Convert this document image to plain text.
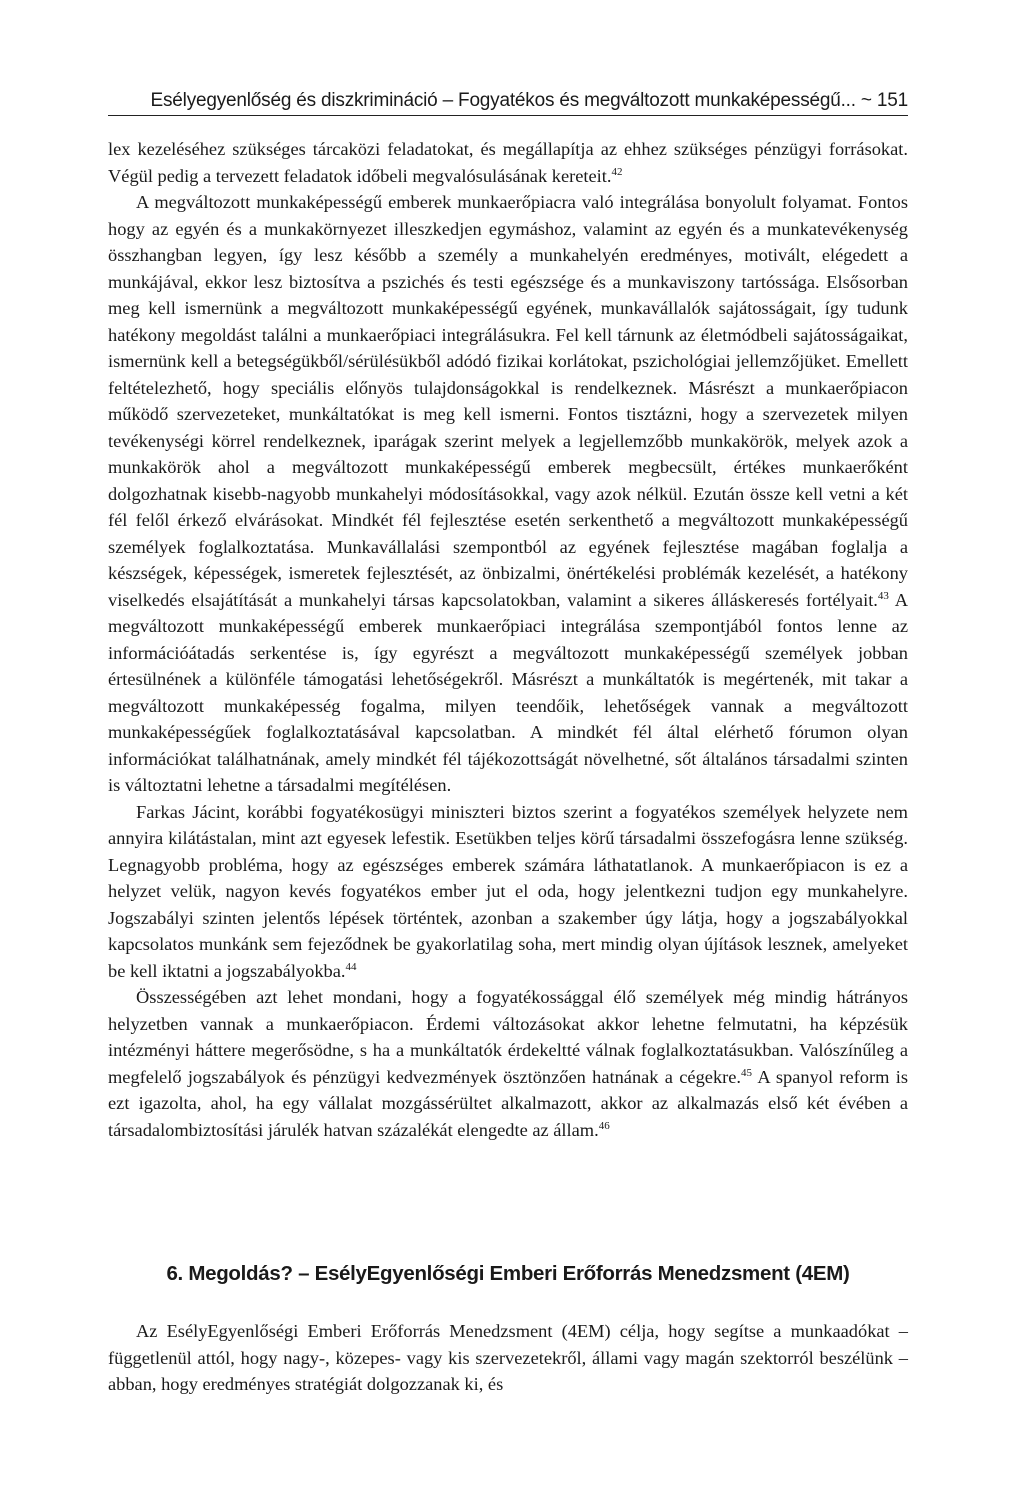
Esélyegyenlőség és diszkrimináció – Fogyatékos és megváltozott munkaképességű... ~ 151

lex kezeléséhez szükséges tárcaközi feladatokat, és megállapítja az ehhez szükséges pénzügyi forrásokat. Végül pedig a tervezett feladatok időbeli megvalósulásának kereteit.$^{42}$

A megváltozott munkaképességű emberek munkaerőpiacra való integrálása bonyolult folyamat. Fontos hogy az egyén és a munkakörnyezet illeszkedjen egymáshoz, valamint az egyén és a munkatevékenység összhangban legyen, így lesz később a személy a munkahelyén eredményes, motivált, elégedett a munkájával, ekkor lesz biztosítva a pszichés és testi egészsége és a munkaviszony tartóssága. Elsősorban meg kell ismernünk a megváltozott munkaképességű egyének, munkavállalók sajátosságait, így tudunk hatékony megoldást találni a munkaerőpiaci integrálásukra. Fel kell tárnunk az életmódbeli sajátosságaikat, ismernünk kell a betegségükből/sérülésükből adódó fizikai korlátokat, pszichológiai jellemzőjüket. Emellett feltételezhető, hogy speciális előnyös tulajdonságokkal is rendelkeznek. Másrészt a munkaerőpiacon működő szervezeteket, munkáltatókat is meg kell ismerni. Fontos tisztázni, hogy a szervezetek milyen tevékenységi körrel rendelkeznek, iparágak szerint melyek a legjellemzőbb munkakörök, melyek azok a munkakörök ahol a megváltozott munkaképességű emberek megbecsült, értékes munkaerőként dolgozhatnak kisebb-nagyobb munkahelyi módosításokkal, vagy azok nélkül. Ezután össze kell vetni a két fél felől érkező elvárásokat. Mindkét fél fejlesztése esetén serkenthető a megváltozott munkaképességű személyek foglalkoztatása. Munkavállalási szempontból az egyének fejlesztése magában foglalja a készségek, képességek, ismeretek fejlesztését, az önbizalmi, önértékelési problémák kezelését, a hatékony viselkedés elsajátítását a munkahelyi társas kapcsolatokban, valamint a sikeres álláskeresés fortélyait.$^{43}$ A megváltozott munkaképességű emberek munkaerőpiaci integrálása szempontjából fontos lenne az információátadás serkentése is, így egyrészt a megváltozott munkaképességű személyek jobban értesülnének a különféle támogatási lehetőségekről. Másrészt a munkáltatók is megértenék, mit takar a megváltozott munkaképesség fogalma, milyen teendőik, lehetőségek vannak a megváltozott munkaképességűek foglalkoztatásával kapcsolatban. A mindkét fél által elérhető fórumon olyan információkat találhatnának, amely mindkét fél tájékozottságát növelhetné, sőt általános társadalmi szinten is változtatni lehetne a társadalmi megítélésen.

Farkas Jácint, korábbi fogyatékosügyi miniszteri biztos szerint a fogyatékos személyek helyzete nem annyira kilátástalan, mint azt egyesek lefestik. Esetükben teljes körű társadalmi összefogásra lenne szükség. Legnagyobb probléma, hogy az egészséges emberek számára láthatatlanok. A munkaerőpiacon is ez a helyzet velük, nagyon kevés fogyatékos ember jut el oda, hogy jelentkezni tudjon egy munkahelyre. Jogszabályi szinten jelentős lépések történtek, azonban a szakember úgy látja, hogy a jogszabályokkal kapcsolatos munkánk sem fejeződnek be gyakorlatilag soha, mert mindig olyan újítások lesznek, amelyeket be kell iktatni a jogszabályokba.$^{44}$

Összességében azt lehet mondani, hogy a fogyatékossággal élő személyek még mindig hátrányos helyzetben vannak a munkaerőpiacon. Érdemi változásokat akkor lehetne felmutatni, ha képzésük intézményi háttere megerősödne, s ha a munkáltatók érdekeltté válnak foglalkoztatásukban. Valószínűleg a megfelelő jogszabályok és pénzügyi kedvezmények ösztönzően hatnának a cégekre.$^{45}$ A spanyol reform is ezt igazolta, ahol, ha egy vállalat mozgássérültet alkalmazott, akkor az alkalmazás első két évében a társadalombiztosítási járulék hatvan százalékát elengedte az állam.$^{46}$

6. Megoldás? – EsélyEgyenlőségi Emberi Erőforrás Menedzsment (4EM)

Az EsélyEgyenlőségi Emberi Erőforrás Menedzsment (4EM) célja, hogy segítse a munkaadókat – függetlenül attól, hogy nagy-, közepes- vagy kis szervezetekről, állami vagy magán szektorról beszélünk – abban, hogy eredményes stratégiát dolgozzanak ki, és
